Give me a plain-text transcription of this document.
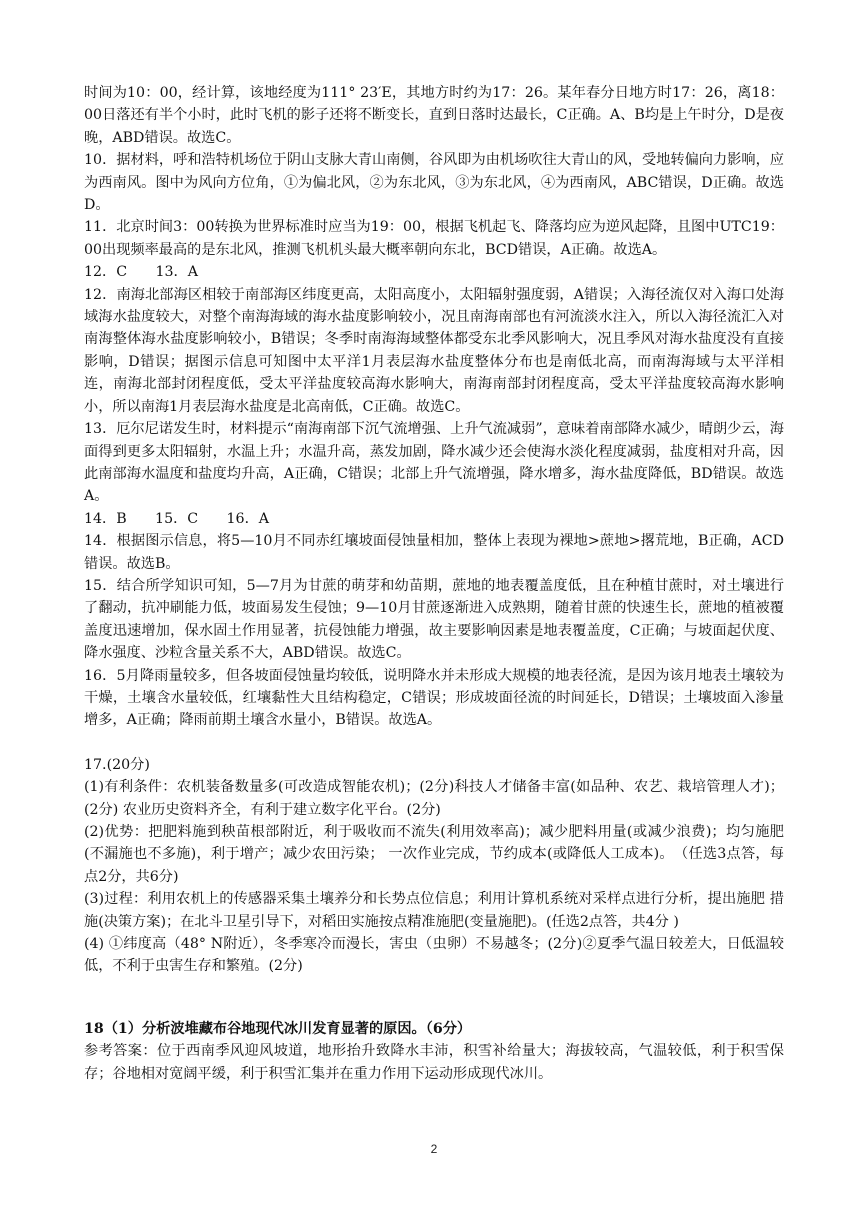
时间为10：00，经计算，该地经度为111° 23′E，其地方时约为17：26。某年春分日地方时17：26，离18：00日落还有半个小时，此时飞机的影子还将不断变长，直到日落时达最长，C正确。A、B均是上午时分，D是夜晚，ABD错误。故选C。

10．据材料，呼和浩特机场位于阴山支脉大青山南侧，谷风即为由机场吹往大青山的风，受地转偏向力影响，应为西南风。图中为风向方位角，①为偏北风，②为东北风，③为东北风，④为西南风，ABC错误，D正确。故选D。

11．北京时间3：00转换为世界标准时应当为19：00，根据飞机起飞、降落均应为逆风起降，且图中UTC19：00出现频率最高的是东北风，推测飞机机头最大概率朝向东北，BCD错误，A正确。故选A。

12．C　　13．A

12．南海北部海区相较于南部海区纬度更高，太阳高度小，太阳辐射强度弱，A错误；入海径流仅对入海口处海域海水盐度较大，对整个南海海域的海水盐度影响较小，况且南海南部也有河流淡水注入，所以入海径流汇入对南海整体海水盐度影响较小，B错误；冬季时南海海域整体都受东北季风影响大，况且季风对海水盐度没有直接影响，D错误；据图示信息可知图中太平洋1月表层海水盐度整体分布也是南低北高，而南海海域与太平洋相连，南海北部封闭程度低，受太平洋盐度较高海水影响大，南海南部封闭程度高，受太平洋盐度较高海水影响小，所以南海1月表层海水盐度是北高南低，C正确。故选C。

13．厄尔尼诺发生时，材料提示“南海南部下沉气流增强、上升气流减弱”，意味着南部降水减少，晴朗少云，海面得到更多太阳辐射，水温上升；水温升高，蒸发加剧，降水减少还会使海水淡化程度减弱，盐度相对升高，因此南部海水温度和盐度均升高，A正确，C错误；北部上升气流增强，降水增多，海水盐度降低，BD错误。故选A。

14．B　　15．C　　16．A

14．根据图示信息，将5—10月不同赤红壤坡面侵蚀量相加，整体上表现为裸地>蔗地>撂荒地，B正确，ACD错误。故选B。

15．结合所学知识可知，5—7月为甘蔗的萌芽和幼苗期，蔗地的地表覆盖度低，且在种植甘蔗时，对土壤进行了翻动，抗冲刷能力低，坡面易发生侵蚀；9—10月甘蔗逐渐进入成熟期，随着甘蔗的快速生长，蔗地的植被覆盖度迅速增加，保水固土作用显著，抗侵蚀能力增强，故主要影响因素是地表覆盖度，C正确；与坡面起伏度、降水强度、沙粒含量关系不大，ABD错误。故选C。

16．5月降雨量较多，但各坡面侵蚀量均较低，说明降水并未形成大规模的地表径流，是因为该月地表土壤较为干燥，土壤含水量较低，红壤黏性大且结构稳定，C错误；形成坡面径流的时间延长，D错误；土壤坡面入渗量增多，A正确；降雨前期土壤含水量小，B错误。故选A。

17.(20分)

(1)有利条件：农机装备数量多(可改造成智能农机)；(2分)科技人才储备丰富(如品种、农艺、栽培管理人才)；(2分) 农业历史资料齐全，有利于建立数字化平台。(2分)

(2)优势：把肥料施到秧苗根部附近，利于吸收而不流失(利用效率高)；减少肥料用量(或减少浪费)；均匀施肥(不漏施也不多施)，利于增产；减少农田污染； 一次作业完成，节约成本(或降低人工成本)。　（任选3点答，每点2分，共6分)

(3)过程：利用农机上的传感器采集土壤养分和长势点位信息；利用计算机系统对采样点进行分析，提出施肥 措施(决策方案)；在北斗卫星引导下，对稻田实施按点精准施肥(变量施肥)。(任选2点答，共4分 )

(4) ①纬度高（48° N附近），冬季寒冷而漫长，害虫（虫卵）不易越冬；(2分)②夏季气温日较差大，日低温较低，不利于虫害生存和繁殖。(2分)

18（1）分析波堆藏布谷地现代冰川发育显著的原因。（6分）

参考答案：位于西南季风迎风坡道，地形抬升致降水丰沛，积雪补给量大；海拔较高，气温较低，利于积雪保存；谷地相对宽阔平缓，利于积雪汇集并在重力作用下运动形成现代冰川。

2
